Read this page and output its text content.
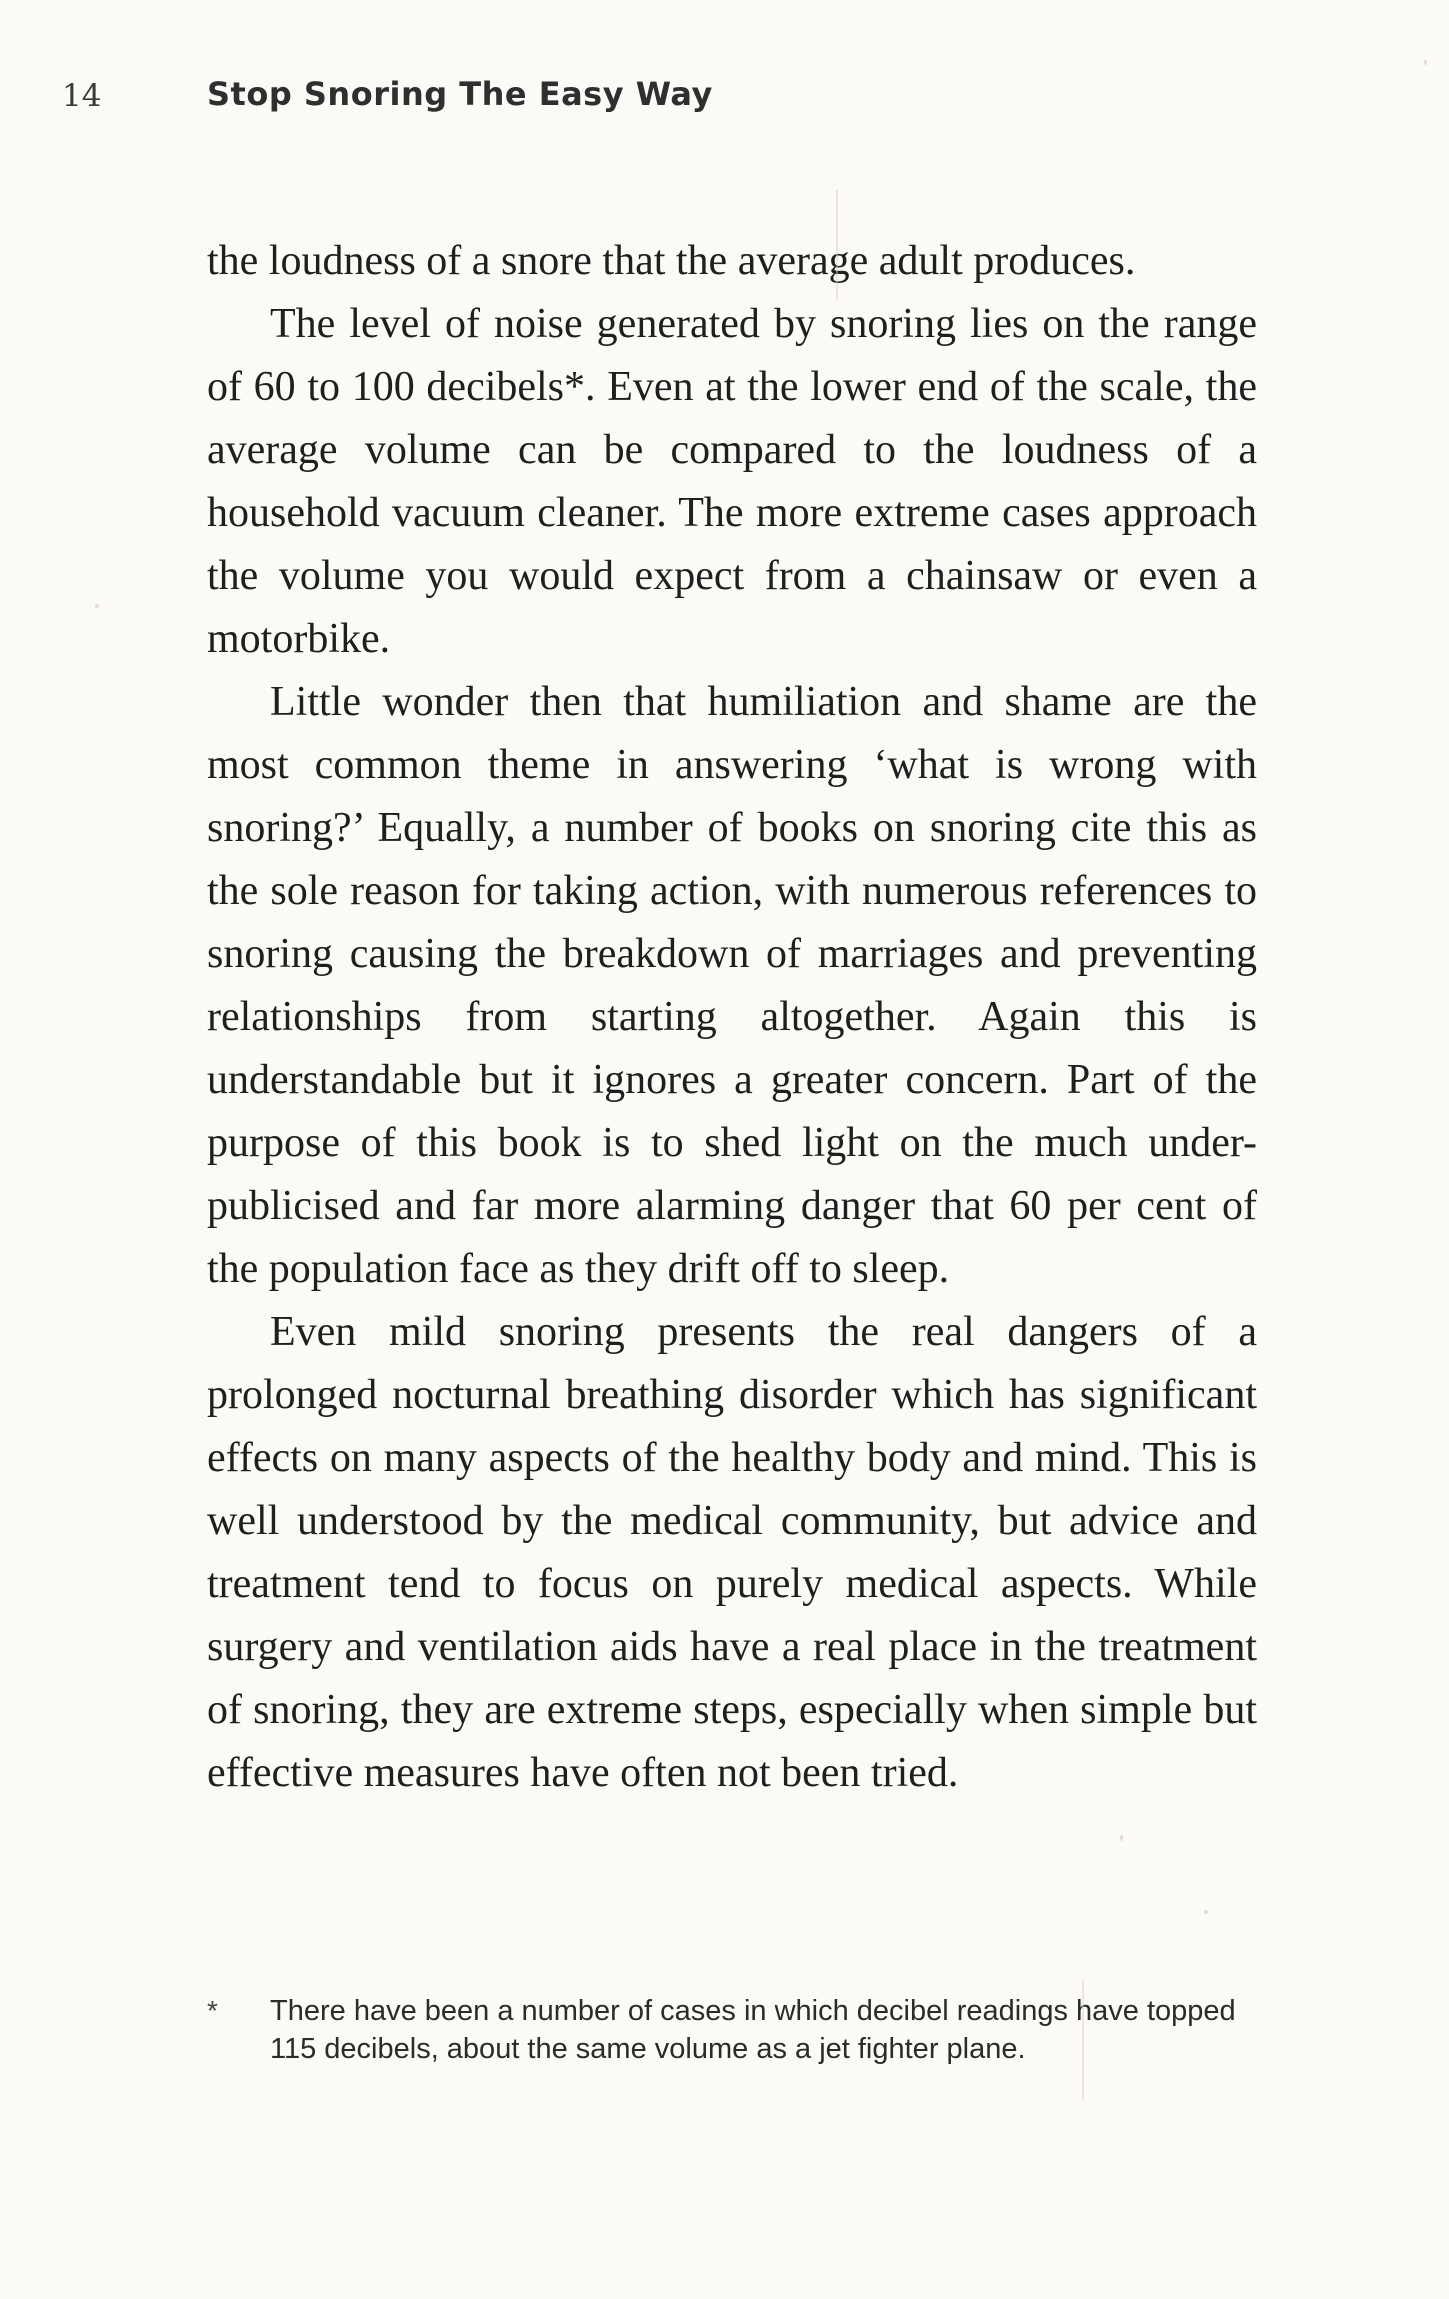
14	Stop Snoring The Easy Way

the loudness of a snore that the average adult produces.

The level of noise generated by snoring lies on the range of 60 to 100 decibels*. Even at the lower end of the scale, the average volume can be compared to the loudness of a household vacuum cleaner. The more extreme cases approach the volume you would expect from a chainsaw or even a motorbike.

Little wonder then that humiliation and shame are the most common theme in answering ‘what is wrong with snoring?’ Equally, a number of books on snoring cite this as the sole reason for taking action, with numerous references to snoring causing the breakdown of marriages and preventing relationships from starting altogether. Again this is understandable but it ignores a greater concern. Part of the purpose of this book is to shed light on the much under-publicised and far more alarming danger that 60 per cent of the population face as they drift off to sleep.

Even mild snoring presents the real dangers of a prolonged nocturnal breathing disorder which has significant effects on many aspects of the healthy body and mind. This is well understood by the medical community, but advice and treatment tend to focus on purely medical aspects. While surgery and ventilation aids have a real place in the treatment of snoring, they are extreme steps, especially when simple but effective measures have often not been tried.

*	There have been a number of cases in which decibel readings have topped 115 decibels, about the same volume as a jet fighter plane.
